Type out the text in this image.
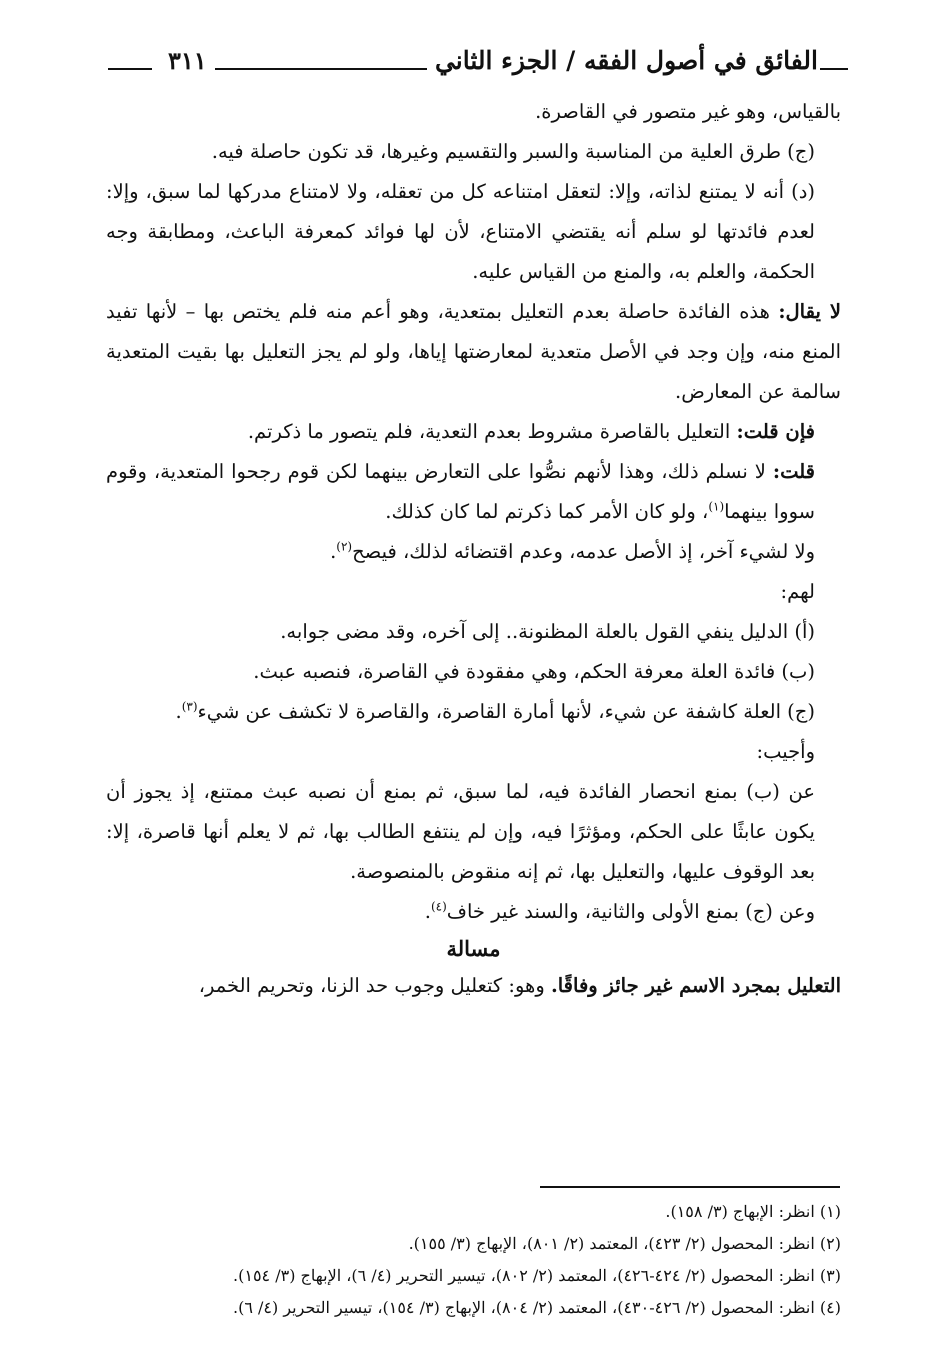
الفائق في أصول الفقه / الجزء الثاني
٣١١

بالقياس، وهو غير متصور في القاصرة.

(ج) طرق العلية من المناسبة والسبر والتقسيم وغيرها، قد تكون حاصلة فيه.

(د) أنه لا يمتنع لذاته، وإلا: لتعقل امتناعه كل من تعقله، ولا لامتناع مدركها لما سبق، وإلا: لعدم فائدتها لو سلم أنه يقتضي الامتناع، لأن لها فوائد كمعرفة الباعث، ومطابقة وجه الحكمة، والعلم به، والمنع من القياس عليه.

لا يقال: هذه الفائدة حاصلة بعدم التعليل بمتعدية، وهو أعم منه فلم يختص بها – لأنها تفيد المنع منه، وإن وجد في الأصل متعدية لمعارضتها إياها، ولو لم يجز التعليل بها بقيت المتعدية سالمة عن المعارض.

فإن قلت: التعليل بالقاصرة مشروط بعدم التعدية، فلم يتصور ما ذكرتم.

قلت: لا نسلم ذلك، وهذا لأنهم نصُّوا على التعارض بينهما لكن قوم رجحوا المتعدية، وقوم سووا بينهما$^{(١)}$، ولو كان الأمر كما ذكرتم لما كان كذلك.

ولا لشيء آخر، إذ الأصل عدمه، وعدم اقتضائه لذلك، فيصح$^{(٢)}$.

لهم:

(أ) الدليل ينفي القول بالعلة المظنونة.. إلى آخره، وقد مضى جوابه.

(ب) فائدة العلة معرفة الحكم، وهي مفقودة في القاصرة، فنصبه عبث.

(ج) العلة كاشفة عن شيء، لأنها أمارة القاصرة، والقاصرة لا تكشف عن شيء$^{(٣)}$.

وأجيب:

عن (ب) بمنع انحصار الفائدة فيه، لما سبق، ثم بمنع أن نصبه عبث ممتنع، إذ يجوز أن يكون عابثًا على الحكم، ومؤثرًا فيه، وإن لم ينتفع الطالب بها، ثم لا يعلم أنها قاصرة، إلا: بعد الوقوف عليها، والتعليل بها، ثم إنه منقوض بالمنصوصة.

وعن (ج) بمنع الأولى والثانية، والسند غير خاف$^{(٤)}$.

مسالة

التعليل بمجرد الاسم غير جائز وفاقًا. وهو: كتعليل وجوب حد الزنا، وتحريم الخمر،

(١) انظر: الإبهاج (٣/ ١٥٨).
(٢) انظر: المحصول (٢/ ٤٢٣)، المعتمد (٢/ ٨٠١)، الإبهاج (٣/ ١٥٥).
(٣) انظر: المحصول (٢/ ٤٢٤-٤٢٦)، المعتمد (٢/ ٨٠٢)، تيسير التحرير (٤/ ٦)، الإبهاج (٣/ ١٥٤).
(٤) انظر: المحصول (٢/ ٤٢٦-٤٣٠)، المعتمد (٢/ ٨٠٤)، الإبهاج (٣/ ١٥٤)، تيسير التحرير (٤/ ٦).
